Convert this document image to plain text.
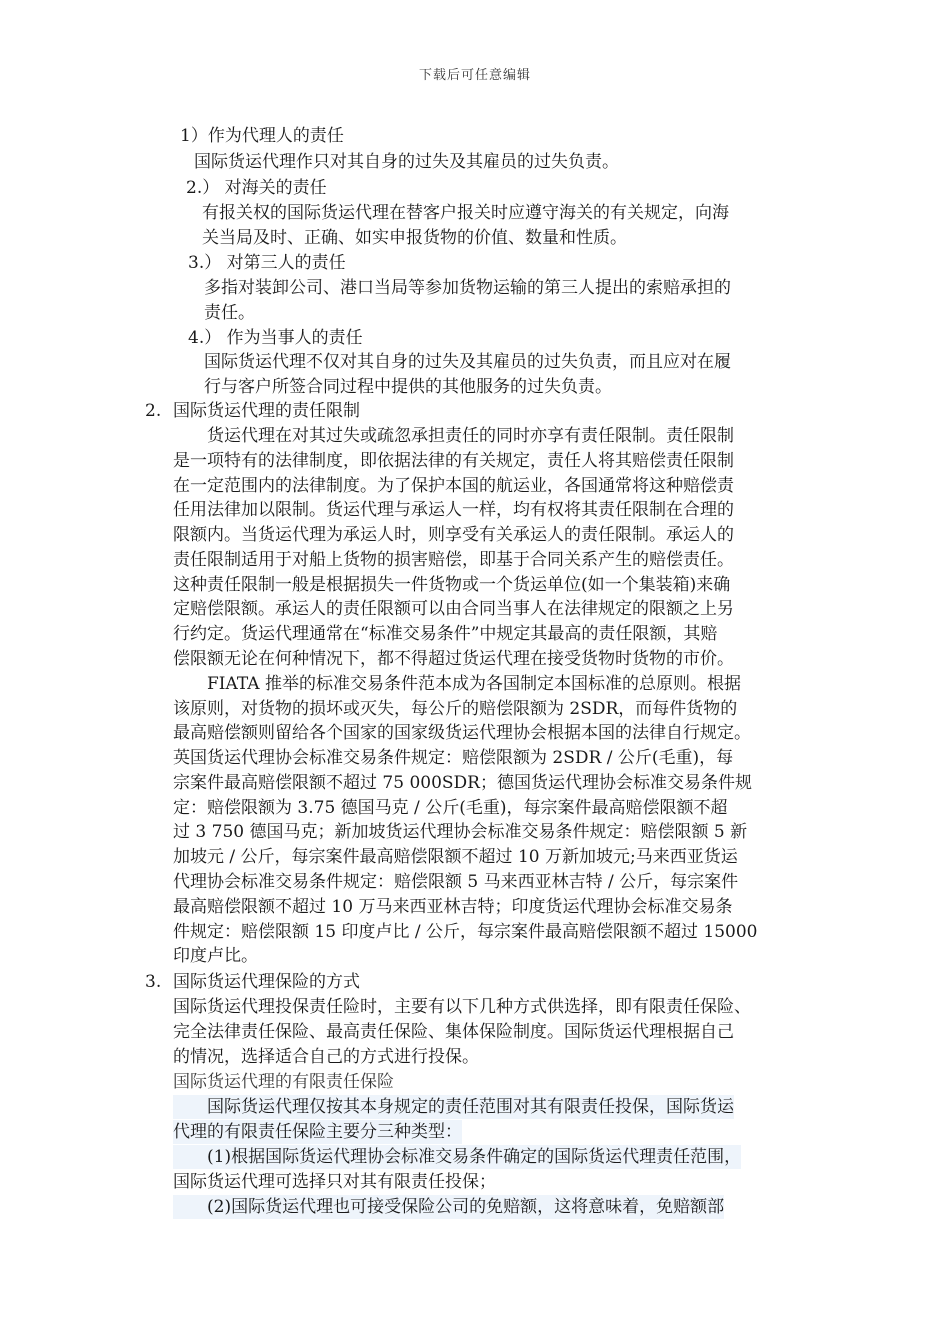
下载后可任意编辑
1）作为代理人的责任
国际货运代理作只对其自身的过失及其雇员的过失负责。
2.） 对海关的责任
有报关权的国际货运代理在替客户报关时应遵守海关的有关规定，向海
关当局及时、正确、如实申报货物的价值、数量和性质。
3.） 对第三人的责任
多指对装卸公司、港口当局等参加货物运输的第三人提出的索赔承担的
责任。
4.） 作为当事人的责任
国际货运代理不仅对其自身的过失及其雇员的过失负责，而且应对在履
行与客户所签合同过程中提供的其他服务的过失负责。
2. 国际货运代理的责任限制
　　货运代理在对其过失或疏忽承担责任的同时亦享有责任限制。责任限制
是一项特有的法律制度，即依据法律的有关规定，责任人将其赔偿责任限制
在一定范围内的法律制度。为了保护本国的航运业，各国通常将这种赔偿责
任用法律加以限制。货运代理与承运人一样，均有权将其责任限制在合理的
限额内。当货运代理为承运人时，则享受有关承运人的责任限制。承运人的
责任限制适用于对船上货物的损害赔偿，即基于合同关系产生的赔偿责任。
这种责任限制一般是根据损失一件货物或一个货运单位(如一个集装箱)来确
定赔偿限额。承运人的责任限额可以由合同当事人在法律规定的限额之上另
行约定。货运代理通常在“标准交易条件”中规定其最高的责任限额，其赔
偿限额无论在何种情况下，都不得超过货运代理在接受货物时货物的市价。
　　FIATA 推举的标准交易条件范本成为各国制定本国标准的总原则。根据
该原则，对货物的损坏或灭失，每公斤的赔偿限额为 2SDR，而每件货物的
最高赔偿额则留给各个国家的国家级货运代理协会根据本国的法律自行规定。
英国货运代理协会标准交易条件规定：赔偿限额为 2SDR / 公斤(毛重)，每
宗案件最高赔偿限额不超过 75 000SDR；德国货运代理协会标准交易条件规
定：赔偿限额为 3.75 德国马克 / 公斤(毛重)，每宗案件最高赔偿限额不超
过 3 750 德国马克；新加坡货运代理协会标准交易条件规定：赔偿限额 5 新
加坡元 / 公斤，每宗案件最高赔偿限额不超过 10 万新加坡元;马来西亚货运
代理协会标准交易条件规定：赔偿限额 5 马来西亚林吉特 / 公斤，每宗案件
最高赔偿限额不超过 10 万马来西亚林吉特；印度货运代理协会标准交易条
件规定：赔偿限额 15 印度卢比 / 公斤，每宗案件最高赔偿限额不超过 15000
印度卢比。
3. 国际货运代理保险的方式
国际货运代理投保责任险时，主要有以下几种方式供选择，即有限责任保险、
完全法律责任保险、最高责任保险、集体保险制度。国际货运代理根据自己
的情况，选择适合自己的方式进行投保。
国际货运代理的有限责任保险
　　国际货运代理仅按其本身规定的责任范围对其有限责任投保，国际货运
代理的有限责任保险主要分三种类型：
　　(1)根据国际货运代理协会标准交易条件确定的国际货运代理责任范围，
国际货运代理可选择只对其有限责任投保；
　　(2)国际货运代理也可接受保险公司的免赔额，这将意味着，免赔额部
